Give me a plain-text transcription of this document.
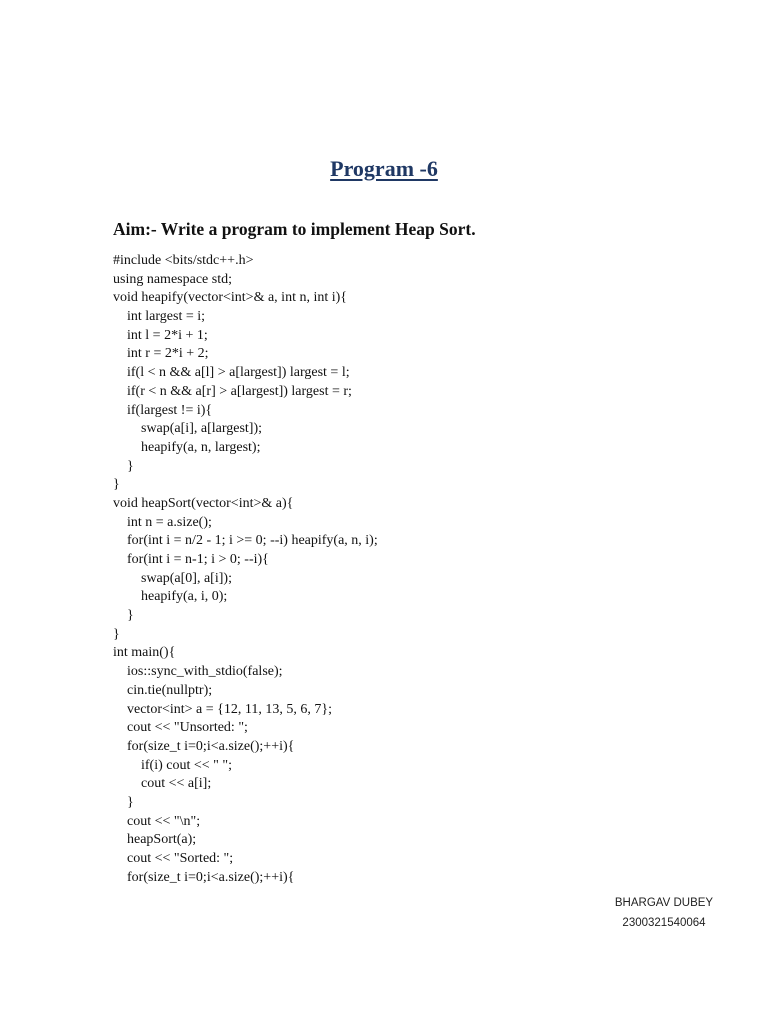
Program -6

Aim:- Write a program to implement Heap Sort.

#include <bits/stdc++.h>
using namespace std;
void heapify(vector<int>& a, int n, int i){
int largest = i;
int l = 2*i + 1;
int r = 2*i + 2;
if(l < n && a[l] > a[largest]) largest = l;
if(r < n && a[r] > a[largest]) largest = r;
if(largest != i){
swap(a[i], a[largest]);
heapify(a, n, largest);
}
}
void heapSort(vector<int>& a){
int n = a.size();
for(int i = n/2 - 1; i >= 0; --i) heapify(a, n, i);
for(int i = n-1; i > 0; --i){
swap(a[0], a[i]);
heapify(a, i, 0);
}
}
int main(){
ios::sync_with_stdio(false);
cin.tie(nullptr);
vector<int> a = {12, 11, 13, 5, 6, 7};
cout << "Unsorted: ";
for(size_t i=0;i<a.size();++i){
if(i) cout << " ";
cout << a[i];
}
cout << "\n";
heapSort(a);
cout << "Sorted: ";
for(size_t i=0;i<a.size();++i){
BHARGAV DUBEY
2300321540064
